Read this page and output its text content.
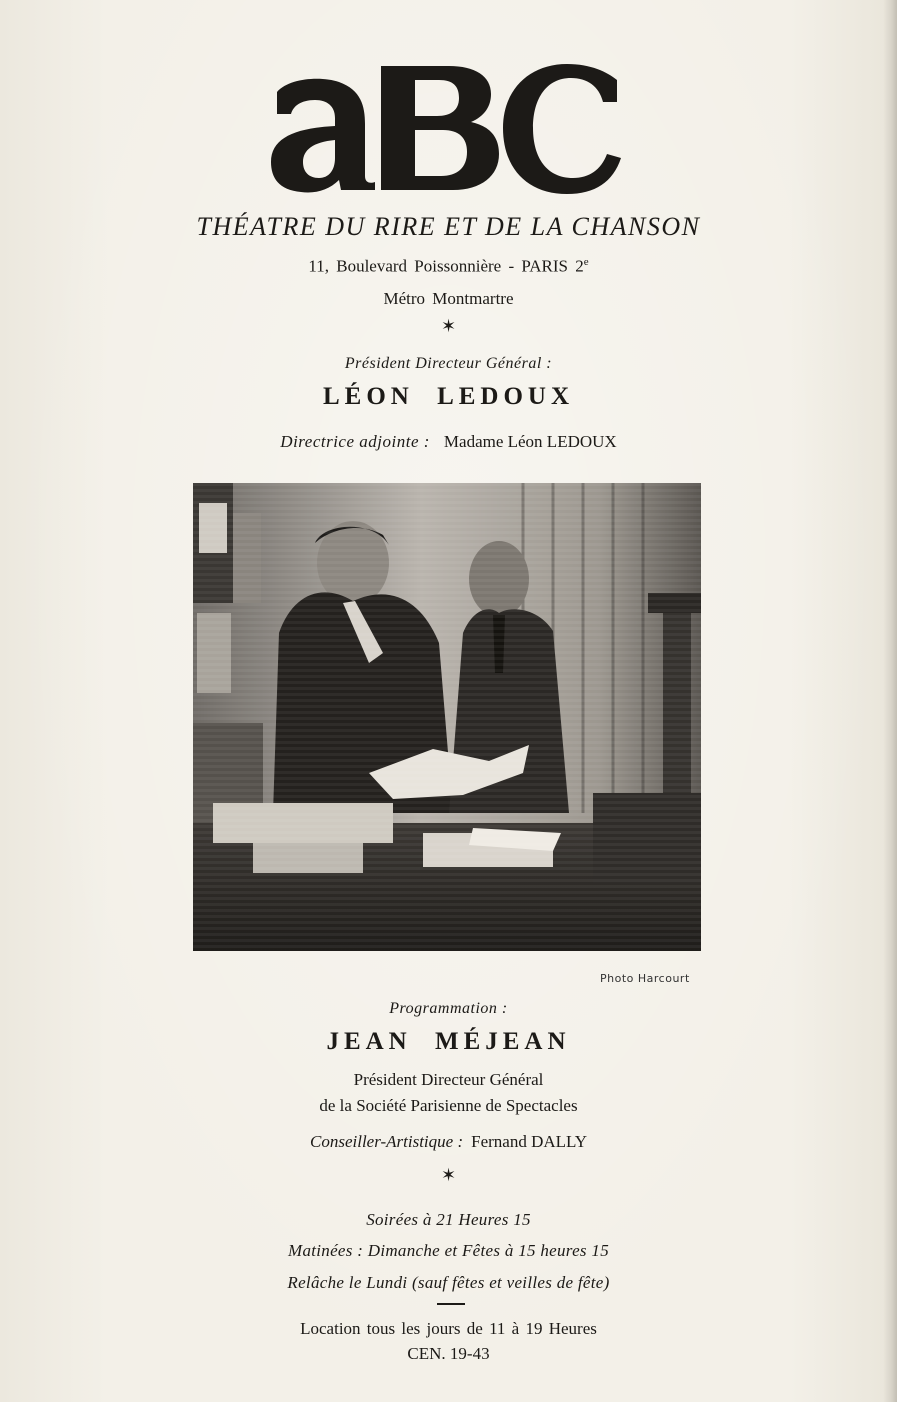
THÉATRE DU RIRE ET DE LA CHANSON
11, Boulevard Poissonnière - PARIS 2e
Métro Montmartre
✶
Président Directeur Général :
LÉON LEDOUX
Directrice adjointe : Madame Léon LEDOUX
Photo Harcourt
Programmation :
JEAN MÉJEAN
Président Directeur Général
de la Société Parisienne de Spectacles
Conseiller-Artistique : Fernand DALLY
✶
Soirées à 21 Heures 15
Matinées : Dimanche et Fêtes à 15 heures 15
Relâche le Lundi (sauf fêtes et veilles de fête)
Location tous les jours de 11 à 19 Heures
CEN. 19-43
